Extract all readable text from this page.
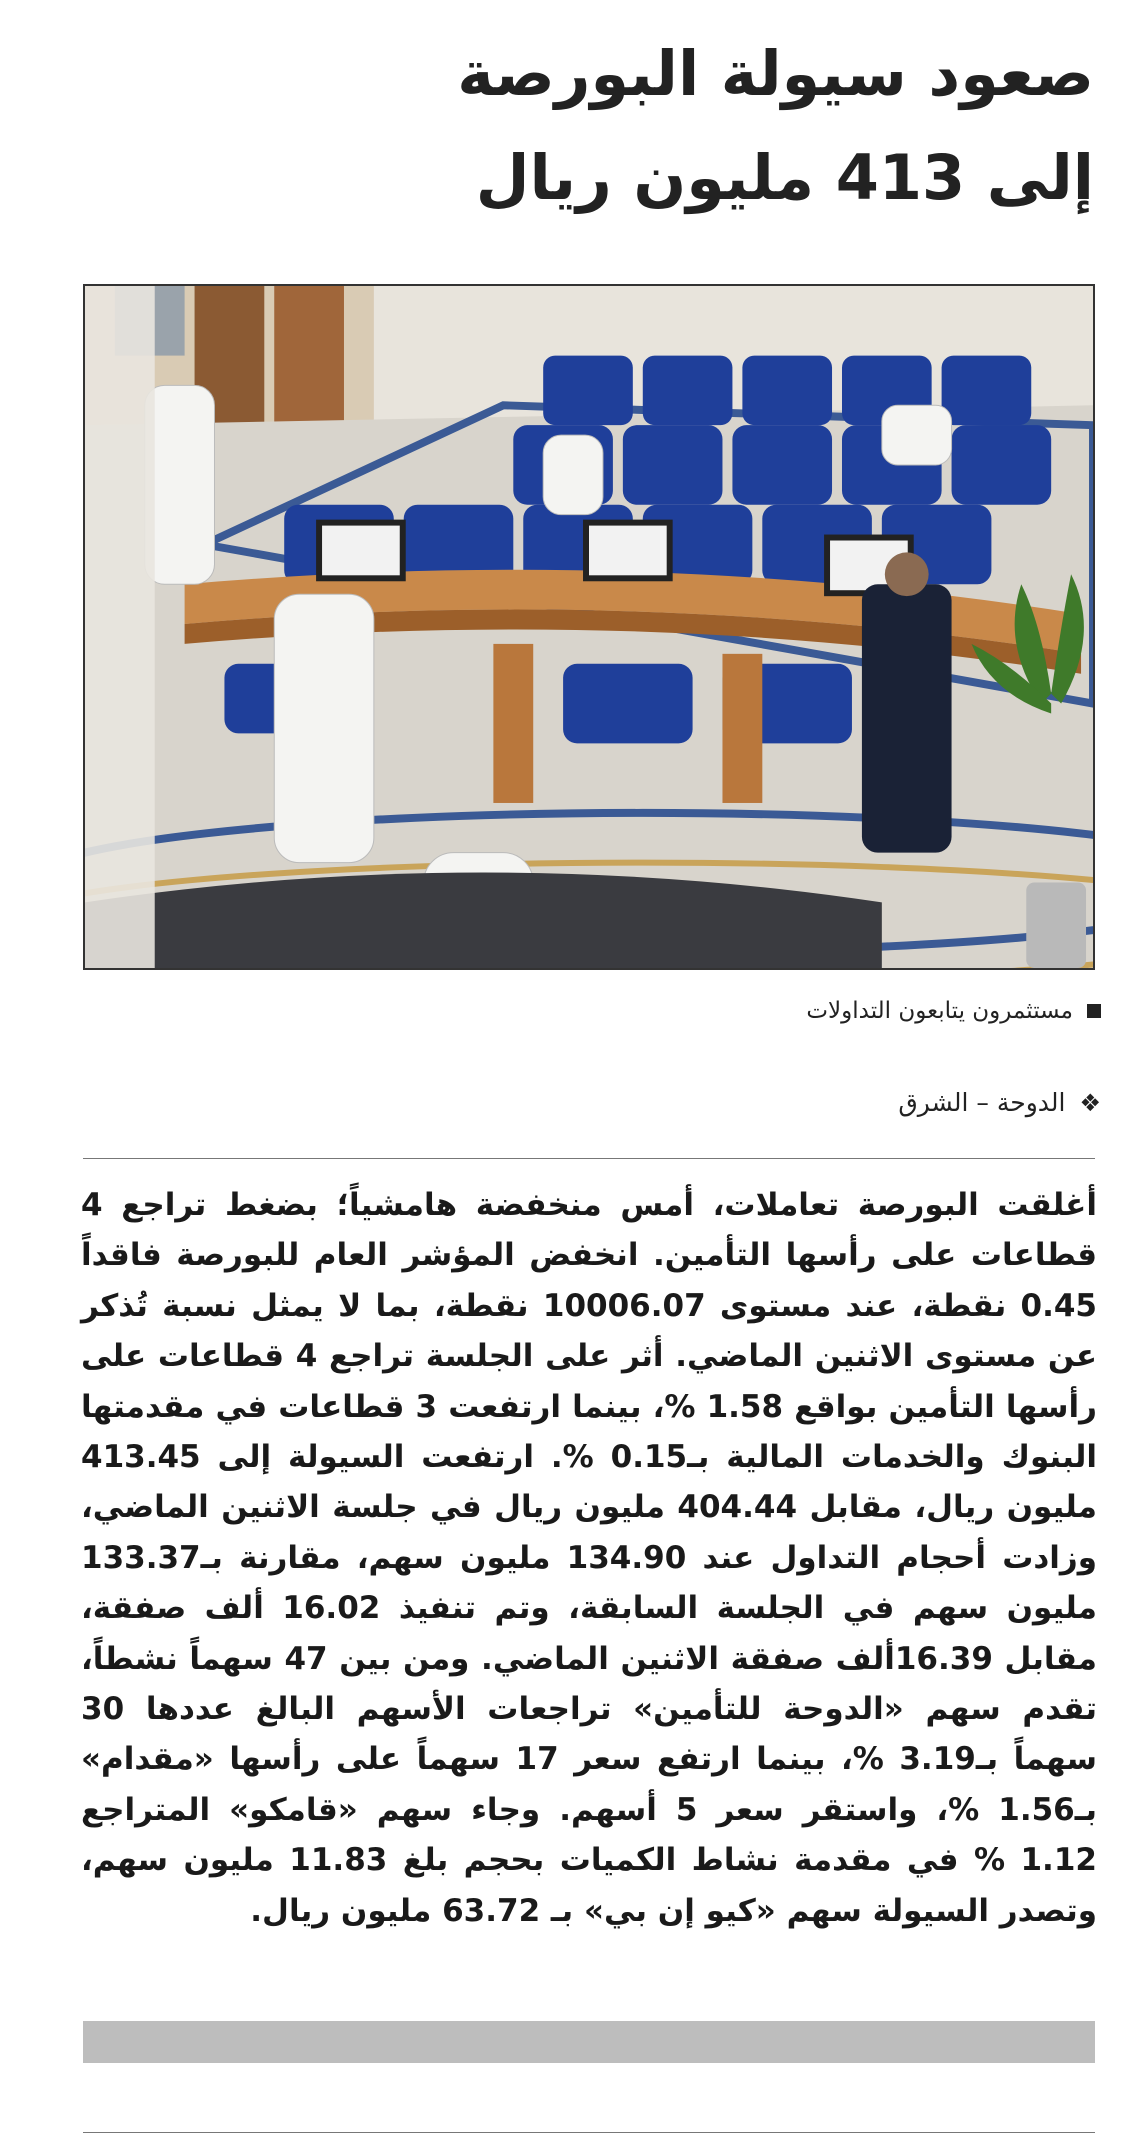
صعود سيولة البورصة
إلى 413 مليون ريال
مستثمرون يتابعون التداولات
❖
الدوحة – الشرق
أغلقت البورصة تعاملات، أمس منخفضة هامشياً؛ بضغط تراجع 4 قطاعات على رأسها التأمين. انخفض المؤشر العام للبورصة فاقداً 0.45 نقطة، عند مستوى 10006.07 نقطة، بما لا يمثل نسبة تُذكر عن مستوى الاثنين الماضي. أثر على الجلسة تراجع 4 قطاعات على رأسها التأمين بواقع 1.58 %، بينما ارتفعت 3 قطاعات في مقدمتها البنوك والخدمات المالية بـ0.15 %. ارتفعت السيولة إلى 413.45 مليون ريال، مقابل 404.44 مليون ريال في جلسة الاثنين الماضي، وزادت أحجام التداول عند 134.90 مليون سهم، مقارنة بـ133.37 مليون سهم في الجلسة السابقة، وتم تنفيذ 16.02 ألف صفقة، مقابل 16.39ألف صفقة الاثنين الماضي. ومن بين 47 سهماً نشطاً، تقدم سهم «الدوحة للتأمين» تراجعات الأسهم البالغ عددها 30 سهماً بـ3.19 %، بينما ارتفع سعر 17 سهماً على رأسها «مقدام» بـ1.56 %، واستقر سعر 5 أسهم. وجاء سهم «قامكو» المتراجع 1.12 % في مقدمة نشاط الكميات بحجم بلغ 11.83 مليون سهم، وتصدر السيولة سهم «كيو إن بي» بـ 63.72 مليون ريال.
